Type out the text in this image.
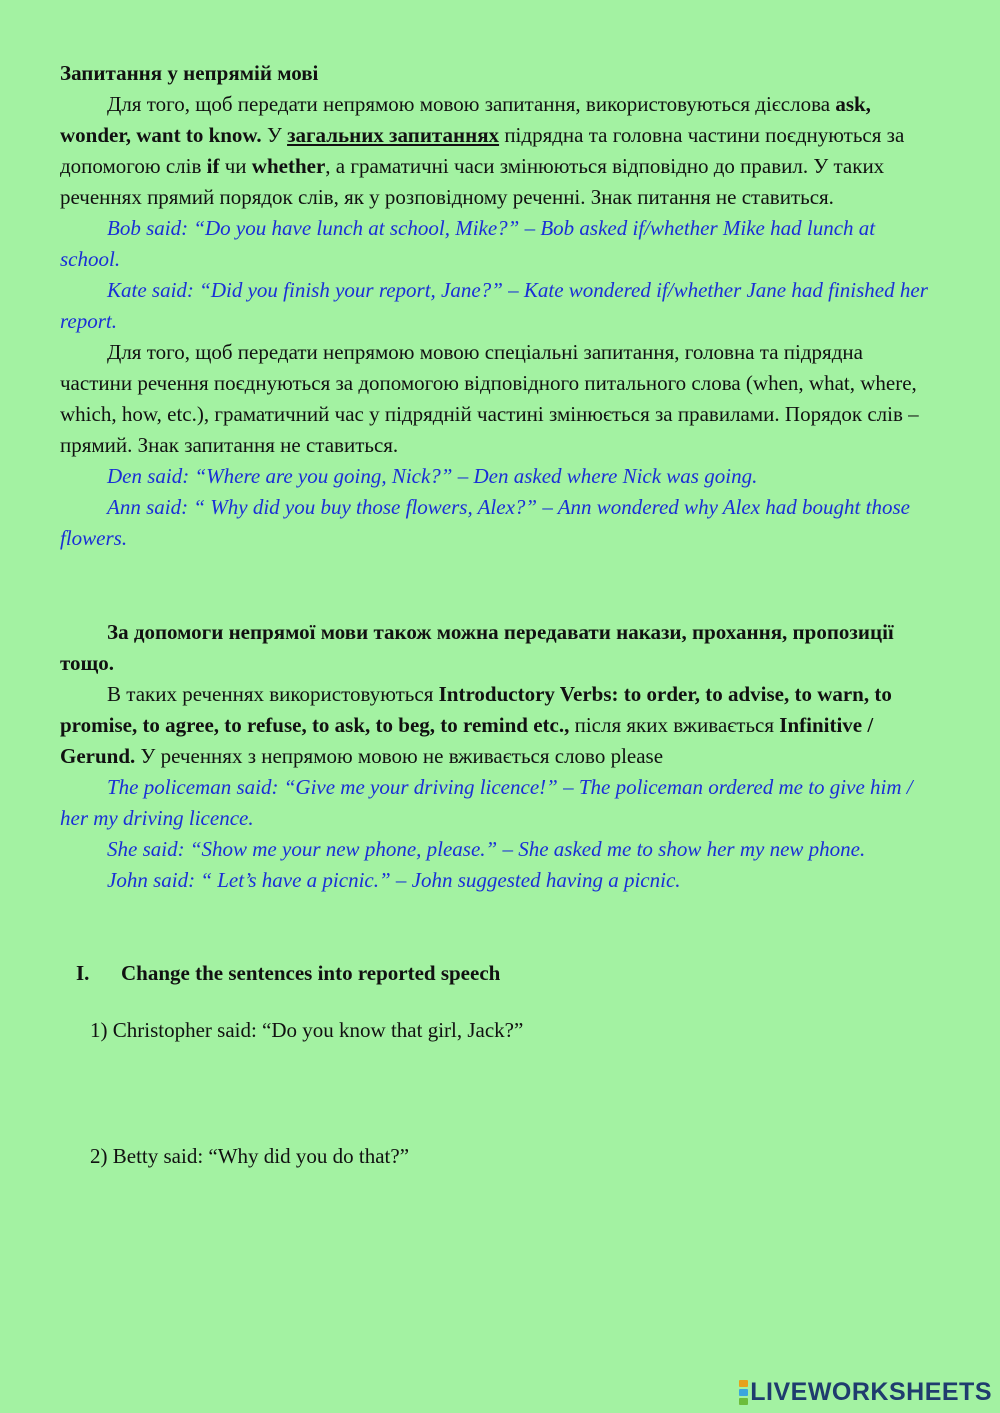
Запитання у непрямій мові

Для того, щоб передати непрямою мовою запитання, використовуються дієслова ask, wonder, want to know. У загальних запитаннях підрядна та головна частини поєднуються за допомогою слів if чи whether, а граматичні часи змінюються відповідно до правил. У таких реченнях прямий порядок слів, як у розповідному реченні. Знак питання не ставиться.

Bob said: “Do you have lunch at school, Mike?” – Bob asked if/whether Mike had lunch at school.

Kate said: “Did you finish your report, Jane?” – Kate wondered if/whether Jane had finished her report.

Для того, щоб передати непрямою мовою спеціальні запитання, головна та підрядна частини речення поєднуються за допомогою відповідного питального слова (when, what, where, which, how, etc.), граматичний час у підрядній частині змінюється за правилами. Порядок слів – прямий. Знак запитання не ставиться.

Den said: “Where are you going, Nick?” – Den asked where Nick was going.

Ann said: “ Why did you buy those flowers, Alex?” – Ann wondered why Alex had bought those flowers.

За допомоги непрямої мови також можна передавати накази, прохання, пропозиції тощо.

В таких реченнях використовуються Introductory Verbs: to order, to advise, to warn, to promise, to agree, to refuse, to ask, to beg, to remind etc., після яких вживається Infinitive / Gerund. У реченнях з непрямою мовою не вживається слово please

The policeman said: “Give me your driving licence!” – The policeman ordered me to give him / her my driving licence.

She said: “Show me your new phone, please.” – She asked me to show her my new phone.

John said: “ Let’s have a picnic.” – John suggested having a picnic.

I.	Change the sentences into reported speech

1) Christopher said: “Do you know that girl, Jack?”

2) Betty said: “Why did you do that?”

LIVEWORKSHEETS
